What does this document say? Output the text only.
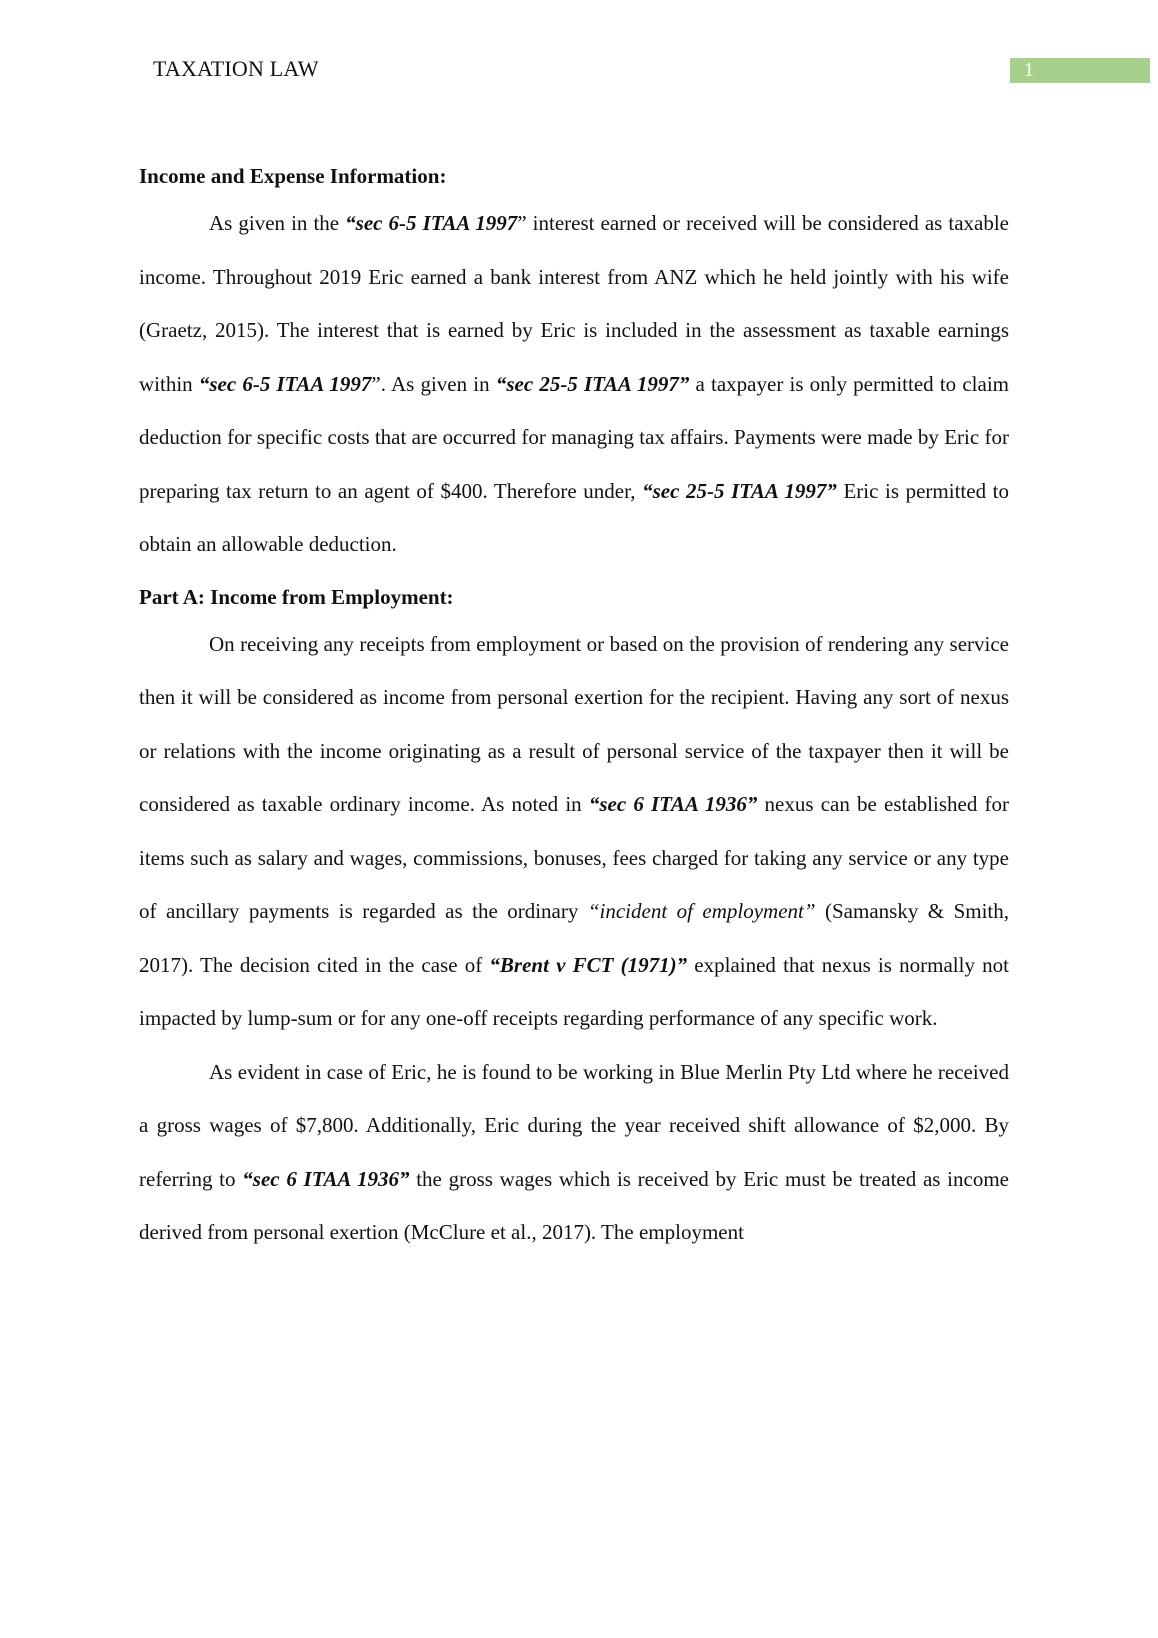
TAXATION LAW	1
Income and Expense Information:

As given in the “sec 6-5 ITAA 1997” interest earned or received will be considered as taxable income. Throughout 2019 Eric earned a bank interest from ANZ which he held jointly with his wife (Graetz, 2015). The interest that is earned by Eric is included in the assessment as taxable earnings within “sec 6-5 ITAA 1997”. As given in “sec 25-5 ITAA 1997” a taxpayer is only permitted to claim deduction for specific costs that are occurred for managing tax affairs. Payments were made by Eric for preparing tax return to an agent of $400. Therefore under, “sec 25-5 ITAA 1997” Eric is permitted to obtain an allowable deduction.

Part A: Income from Employment:

On receiving any receipts from employment or based on the provision of rendering any service then it will be considered as income from personal exertion for the recipient. Having any sort of nexus or relations with the income originating as a result of personal service of the taxpayer then it will be considered as taxable ordinary income. As noted in “sec 6 ITAA 1936” nexus can be established for items such as salary and wages, commissions, bonuses, fees charged for taking any service or any type of ancillary payments is regarded as the ordinary “incident of employment” (Samansky & Smith, 2017). The decision cited in the case of “Brent v FCT (1971)” explained that nexus is normally not impacted by lump-sum or for any one-off receipts regarding performance of any specific work.

As evident in case of Eric, he is found to be working in Blue Merlin Pty Ltd where he received a gross wages of $7,800. Additionally, Eric during the year received shift allowance of $2,000. By referring to “sec 6 ITAA 1936” the gross wages which is received by Eric must be treated as income derived from personal exertion (McClure et al., 2017). The employment
